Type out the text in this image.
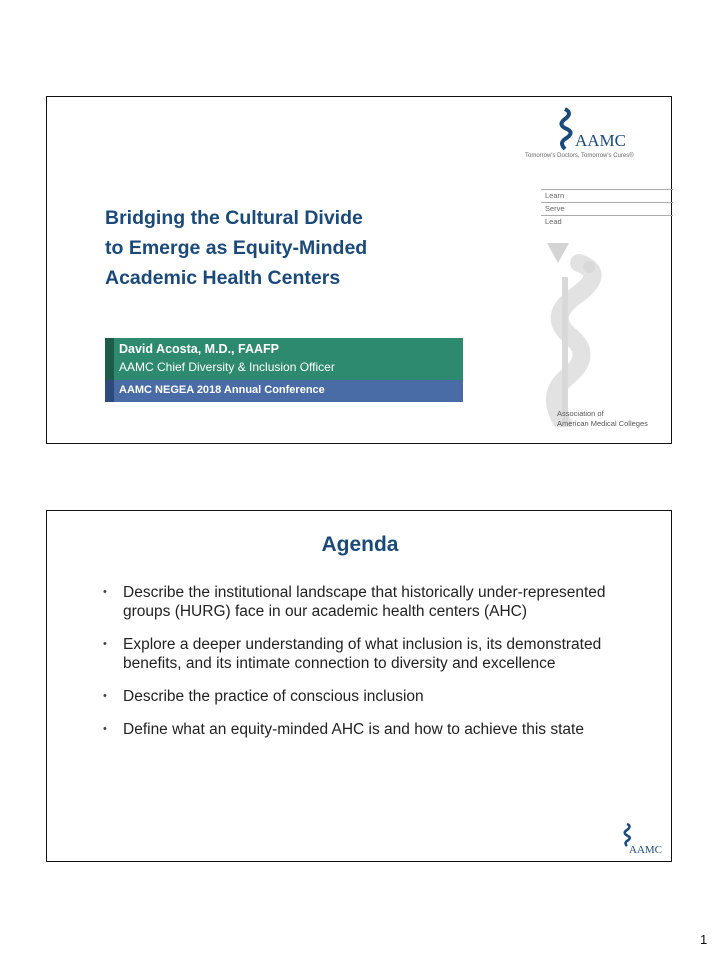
Bridging the Cultural Divide
to Emerge as Equity-Minded
Academic Health Centers
David Acosta, M.D., FAAFP
AAMC Chief Diversity & Inclusion Officer
AAMC NEGEA 2018 Annual Conference
AAMC
Tomorrow's Doctors, Tomorrow's Cures®
Learn
Serve
Lead
Association of
American Medical Colleges
Agenda
• Describe the institutional landscape that historically under-represented groups (HURG) face in our academic health centers (AHC)
• Explore a deeper understanding of what inclusion is, its demonstrated benefits, and its intimate connection to diversity and excellence
• Describe the practice of conscious inclusion
• Define what an equity-minded AHC is and how to achieve this state
AAMC
1
